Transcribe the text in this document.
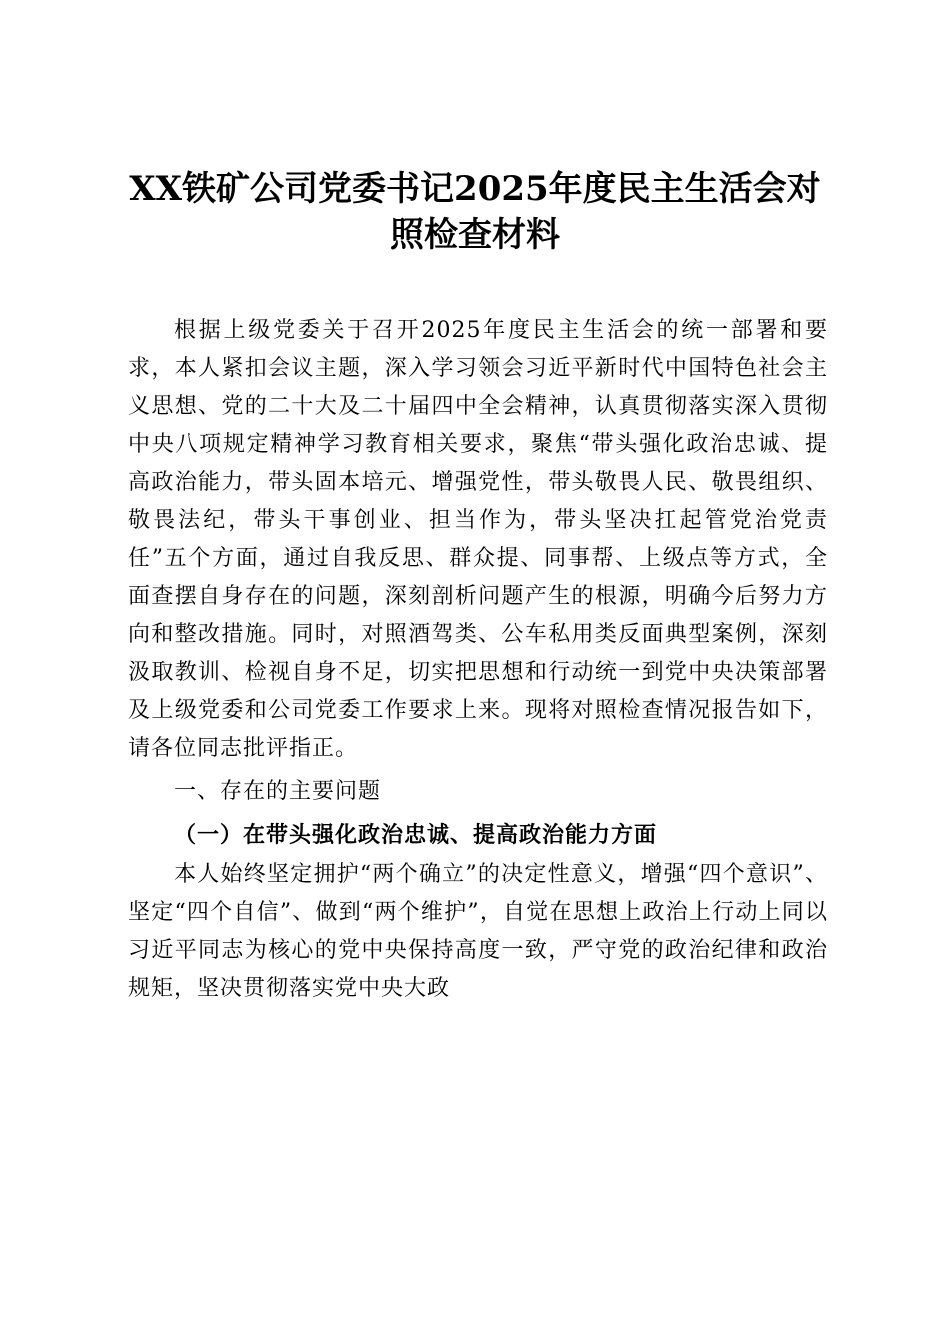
XX铁矿公司党委书记2025年度民主生活会对
照检查材料

根据上级党委关于召开2025年度民主生活会的统一部署和要求，本人紧扣会议主题，深入学习领会习近平新时代中国特色社会主义思想、党的二十大及二十届四中全会精神，认真贯彻落实深入贯彻中央八项规定精神学习教育相关要求，聚焦“带头强化政治忠诚、提高政治能力，带头固本培元、增强党性，带头敬畏人民、敬畏组织、敬畏法纪，带头干事创业、担当作为，带头坚决扛起管党治党责任”五个方面，通过自我反思、群众提、同事帮、上级点等方式，全面查摆自身存在的问题，深刻剖析问题产生的根源，明确今后努力方向和整改措施。同时，对照酒驾类、公车私用类反面典型案例，深刻汲取教训、检视自身不足，切实把思想和行动统一到党中央决策部署及上级党委和公司党委工作要求上来。现将对照检查情况报告如下，请各位同志批评指正。

一、存在的主要问题

（一）在带头强化政治忠诚、提高政治能力方面

本人始终坚定拥护“两个确立”的决定性意义，增强“四个意识”、坚定“四个自信”、做到“两个维护”，自觉在思想上政治上行动上同以习近平同志为核心的党中央保持高度一致，严守党的政治纪律和政治规矩，坚决贯彻落实党中央大政
